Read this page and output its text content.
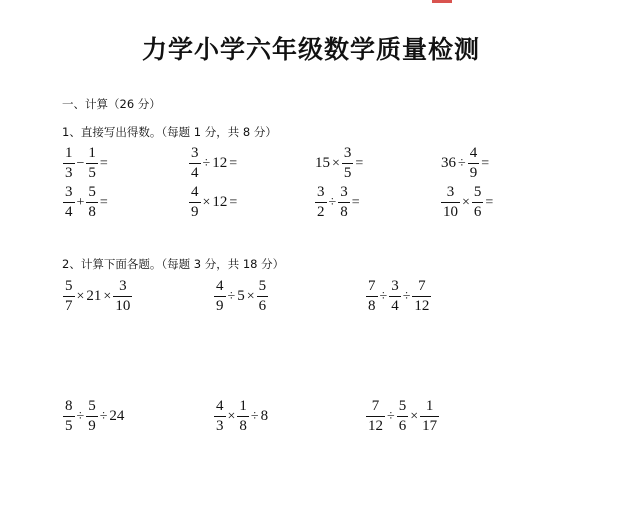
力学小学六年级数学质量检测
一、计算（26 分）
1、直接写出得数。（每题 1 分，共 8 分）
$\frac{1}{3} - \frac{1}{5}$ =	$\frac{3}{4} \div 12$ =	$15 \times \frac{3}{5}$ =	$36 \div \frac{4}{9}$ =
$\frac{3}{4} + \frac{5}{8}$ =	$\frac{4}{9} \times 12$ =	$\frac{3}{2} \div \frac{3}{8}$ =	$\frac{3}{10} \times \frac{5}{6}$ =
2、计算下面各题。（每题 3 分，共 18 分）
$\frac{5}{7} \times 21 \times \frac{3}{10}$	$\frac{4}{9} \div 5 \times \frac{5}{6}$	$\frac{7}{8} \div \frac{3}{4} \div \frac{7}{12}$
$\frac{8}{5} \div \frac{5}{9} \div 24$	$\frac{4}{3} \times \frac{1}{8} \div 8$	$\frac{7}{12} \div \frac{5}{6} \times \frac{1}{17}$
